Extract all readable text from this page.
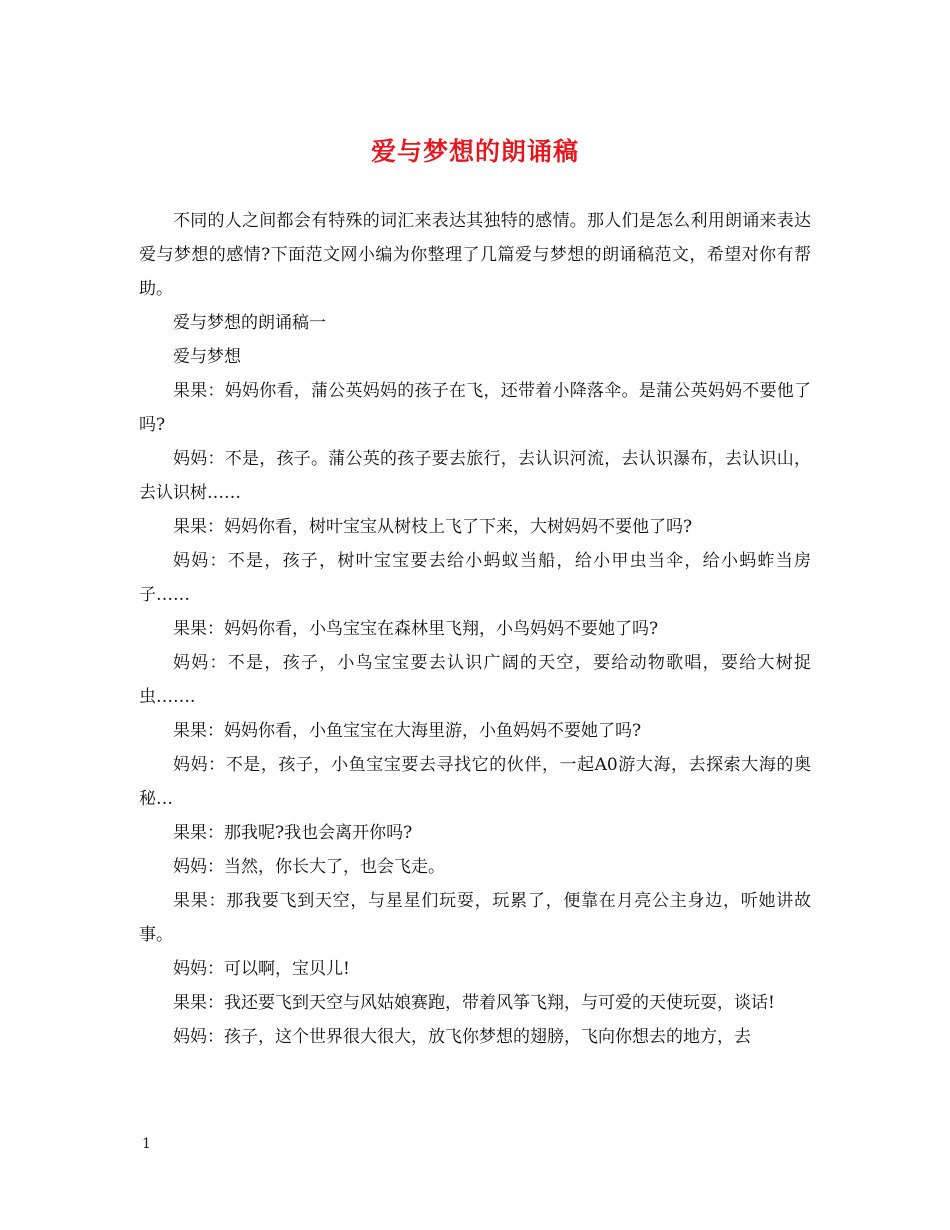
爱与梦想的朗诵稿

不同的人之间都会有特殊的词汇来表达其独特的感情。那人们是怎么利用朗诵来表达爱与梦想的感情?下面范文网小编为你整理了几篇爱与梦想的朗诵稿范文，希望对你有帮助。

爱与梦想的朗诵稿一

爱与梦想

果果：妈妈你看，蒲公英妈妈的孩子在飞，还带着小降落伞。是蒲公英妈妈不要他了吗?

妈妈：不是，孩子。蒲公英的孩子要去旅行，去认识河流，去认识瀑布，去认识山，去认识树……

果果：妈妈你看，树叶宝宝从树枝上飞了下来，大树妈妈不要他了吗?

妈妈：不是，孩子，树叶宝宝要去给小蚂蚁当船，给小甲虫当伞，给小蚂蚱当房子……

果果：妈妈你看，小鸟宝宝在森林里飞翔，小鸟妈妈不要她了吗?

妈妈：不是，孩子，小鸟宝宝要去认识广阔的天空，要给动物歌唱，要给大树捉虫…….

果果：妈妈你看，小鱼宝宝在大海里游，小鱼妈妈不要她了吗?

妈妈：不是，孩子，小鱼宝宝要去寻找它的伙伴，一起A0游大海，去探索大海的奥秘…

果果：那我呢?我也会离开你吗?

妈妈：当然，你长大了，也会飞走。

果果：那我要飞到天空，与星星们玩耍，玩累了，便靠在月亮公主身边，听她讲故事。

妈妈：可以啊，宝贝儿!

果果：我还要飞到天空与风姑娘赛跑，带着风筝飞翔，与可爱的天使玩耍，谈话!

妈妈：孩子，这个世界很大很大，放飞你梦想的翅膀，飞向你想去的地方，去

1
